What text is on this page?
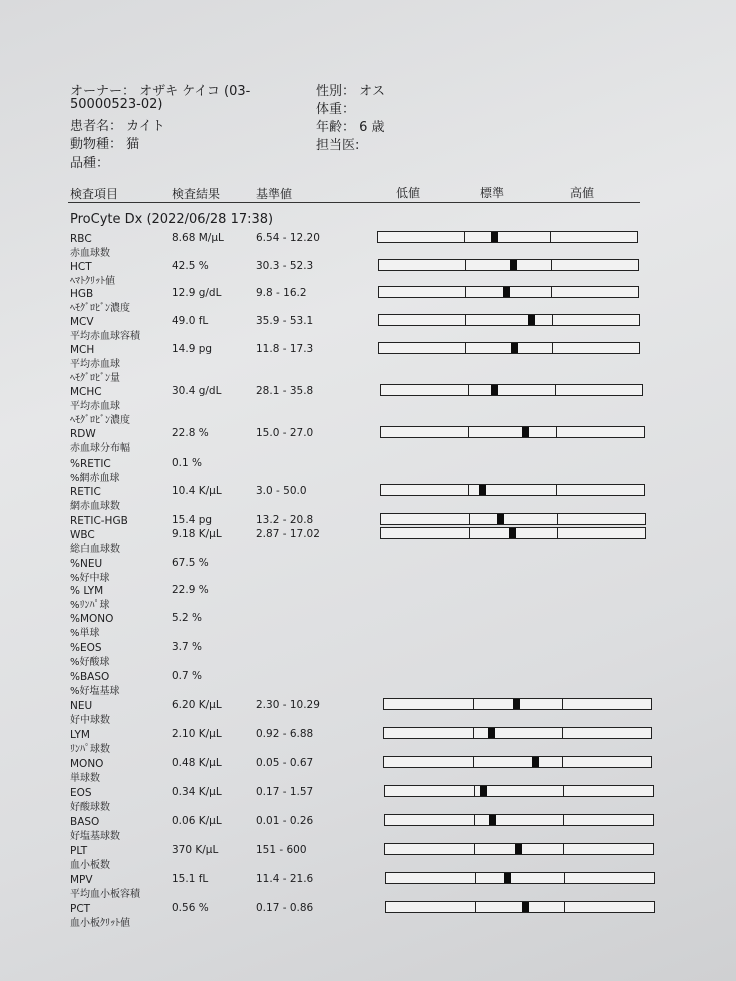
オーナー： オザキ ケイコ (03-
50000523-02)
患者名： カイト
動物種： 猫
品種：
性別： オス
体重：
年齢： 6 歳
担当医:
検査項目	検査結果	基準値	低値	標準	高値
ProCyte Dx (2022/06/28 17:38)
RBC	8.68 M/μL	6.54 - 12.20
赤血球数
HCT	42.5 %	30.3 - 52.3
ﾍﾏﾄｸﾘｯﾄ値
HGB	12.9 g/dL	9.8 - 16.2
ﾍﾓｸﾞﾛﾋﾞﾝ濃度
MCV	49.0 fL	35.9 - 53.1
平均赤血球容積
MCH	14.9 pg	11.8 - 17.3
平均赤血球
ﾍﾓｸﾞﾛﾋﾞﾝ量
MCHC	30.4 g/dL	28.1 - 35.8
平均赤血球
ﾍﾓｸﾞﾛﾋﾞﾝ濃度
RDW	22.8 %	15.0 - 27.0
赤血球分布幅
%RETIC	0.1 %
%網赤血球
RETIC	10.4 K/μL	3.0 - 50.0
網赤血球数
RETIC-HGB	15.4 pg	13.2 - 20.8
WBC	9.18 K/μL	2.87 - 17.02
総白血球数
%NEU	67.5 %
%好中球
% LYM	22.9 %
%ﾘﾝﾊﾟ球
%MONO	5.2 %
%単球
%EOS	3.7 %
%好酸球
%BASO	0.7 %
%好塩基球
NEU	6.20 K/μL	2.30 - 10.29
好中球数
LYM	2.10 K/μL	0.92 - 6.88
ﾘﾝﾊﾟ球数
MONO	0.48 K/μL	0.05 - 0.67
単球数
EOS	0.34 K/μL	0.17 - 1.57
好酸球数
BASO	0.06 K/μL	0.01 - 0.26
好塩基球数
PLT	370 K/μL	151 - 600
血小板数
MPV	15.1 fL	11.4 - 21.6
平均血小板容積
PCT	0.56 %	0.17 - 0.86
血小板ｸﾘｯﾄ値
